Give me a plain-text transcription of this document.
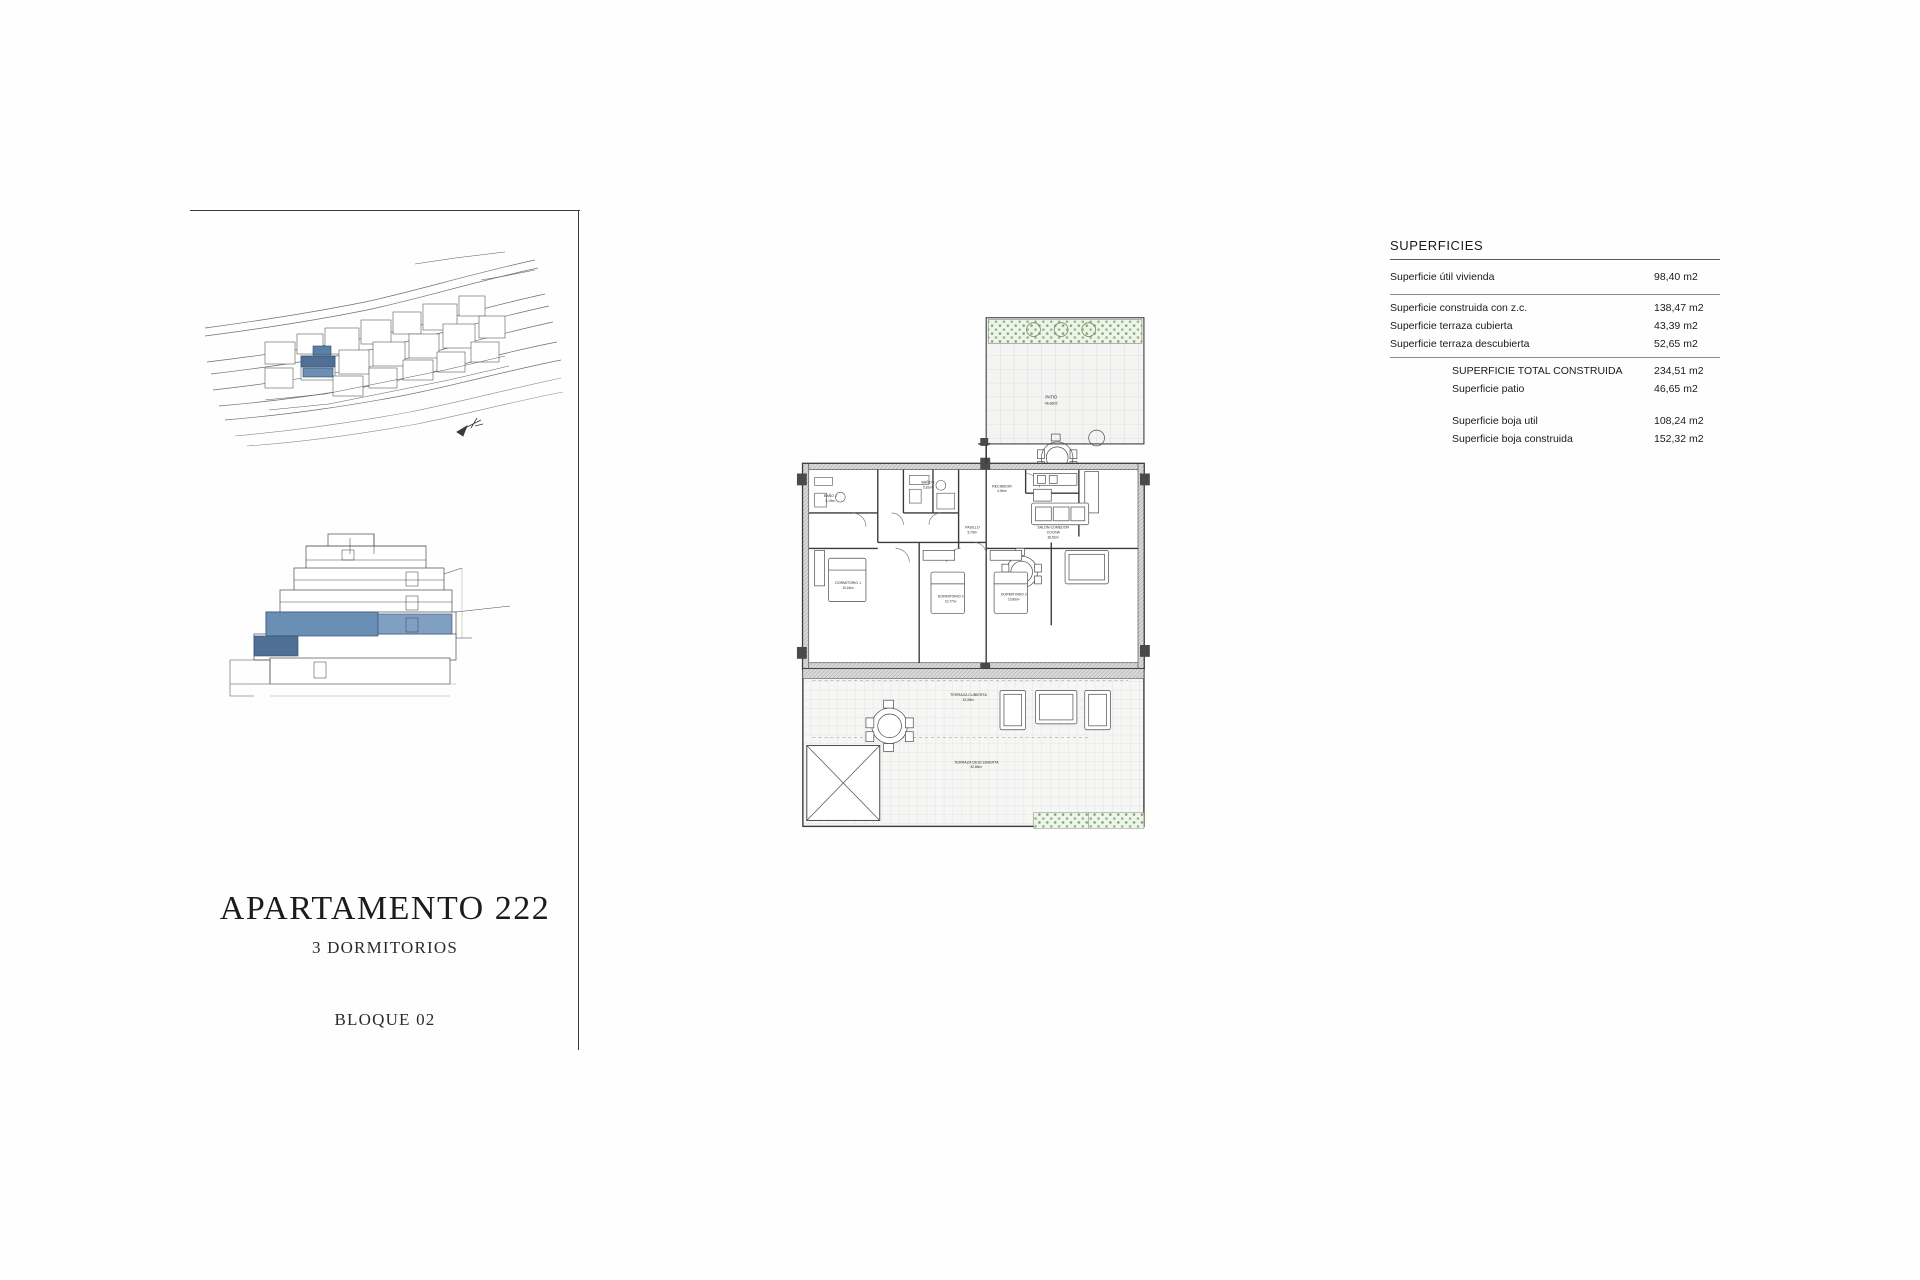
APARTAMENTO 222
3 DORMITORIOS
BLOQUE 02
SUPERFICIES
Superficie útil vivienda	98,40 m2
Superficie construida con z.c.	138,47 m2
Superficie terraza cubierta	43,39 m2
Superficie terraza descubierta	52,65 m2
SUPERFICIE TOTAL CONSTRUIDA	234,51 m2
Superficie patio	46,65 m2
Superficie boja util	108,24 m2
Superficie boja construida	152,32 m2
PATIO
46,68m²
BAÑO 1
5,19m²
BAÑO 2
5,81m²	RECIBIDOR
4,94m²
PASILLO
5,70m²
SALON-COMEDOR
COCINA
38,51m²
DORMITORIO 1
15,16m²
DORMITORIO 2
10,77m²
DORMITORIO 2
10,86m²
TERRAZA CUBIERTA
43,39m²
TERRAZA DESCUBIERTA
52,65m²
